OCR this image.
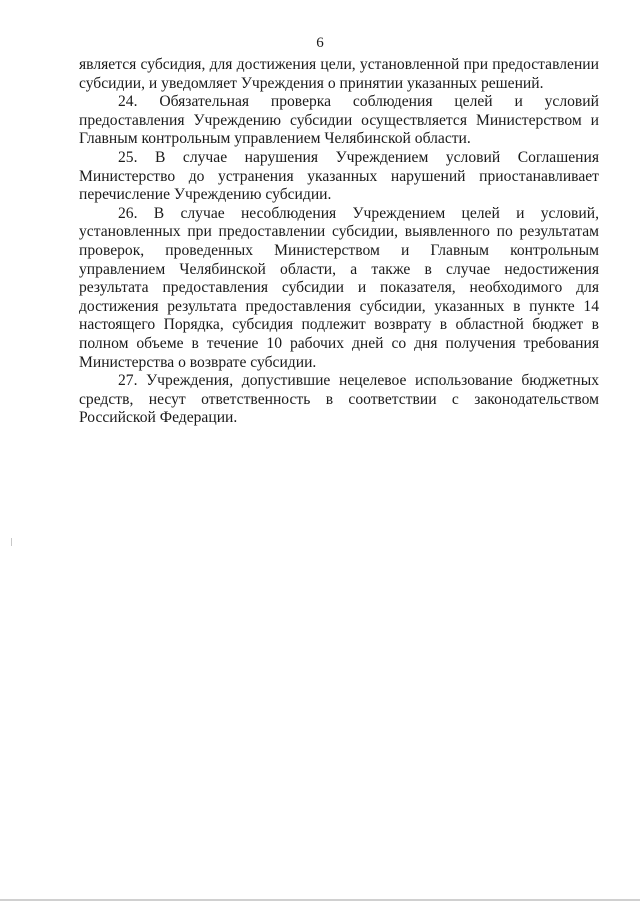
6

является субсидия, для достижения цели, установленной при предоставлении субсидии, и уведомляет Учреждения о принятии указанных решений.

24. Обязательная проверка соблюдения целей и условий предоставления Учреждению субсидии осуществляется Министерством и Главным контрольным управлением Челябинской области.

25. В случае нарушения Учреждением условий Соглашения Министерство до устранения указанных нарушений приостанавливает перечисление Учреждению субсидии.

26. В случае несоблюдения Учреждением целей и условий, установленных при предоставлении субсидии, выявленного по результатам проверок, проведенных Министерством и Главным контрольным управлением Челябинской области, а также в случае недостижения результата предоставления субсидии и показателя, необходимого для достижения результата предоставления субсидии, указанных в пункте 14 настоящего Порядка, субсидия подлежит возврату в областной бюджет в полном объеме в течение 10 рабочих дней со дня получения требования Министерства о возврате субсидии.

27. Учреждения, допустившие нецелевое использование бюджетных средств, несут ответственность в соответствии с законодательством Российской Федерации.
